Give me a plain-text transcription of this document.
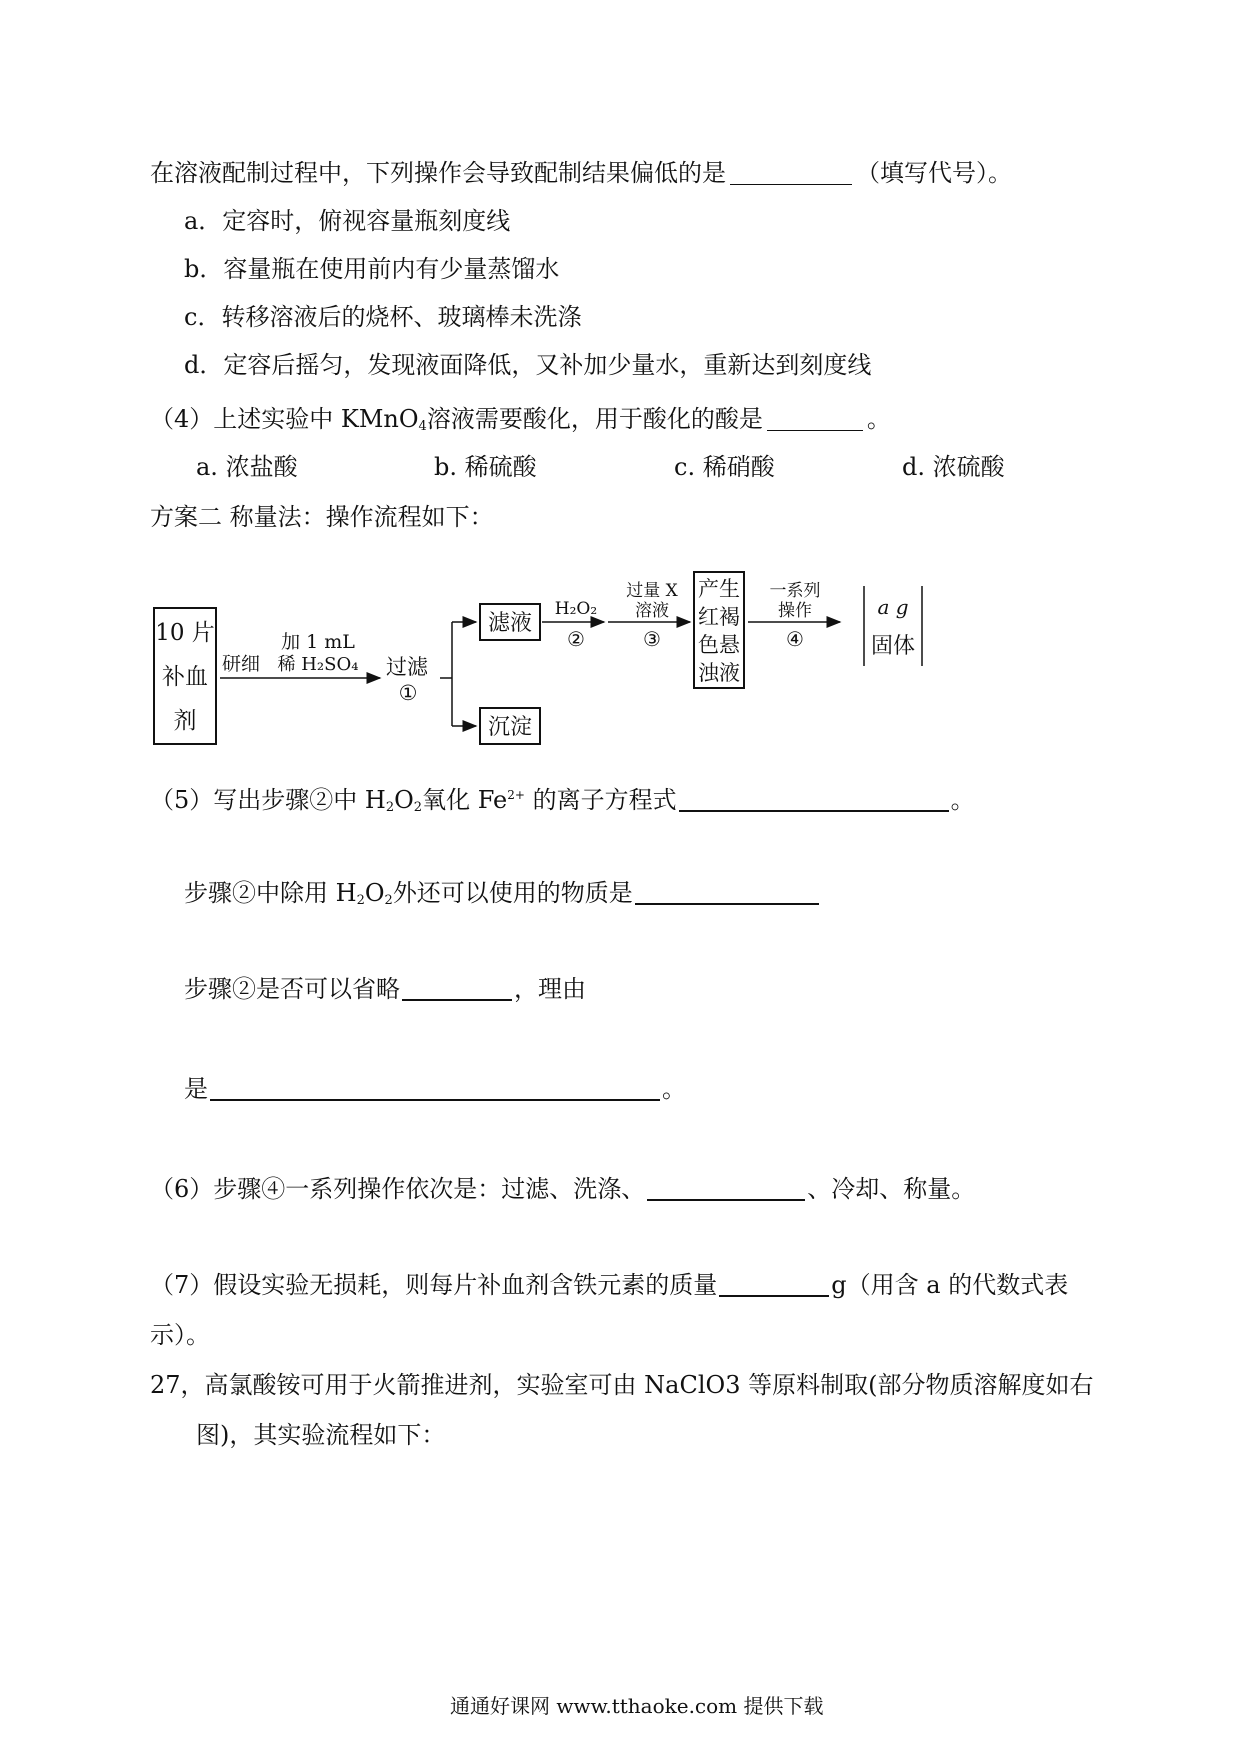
在溶液配制过程中，下列操作会导致配制结果偏低的是	（填写代号）。
a．定容时，俯视容量瓶刻度线
b．容量瓶在使用前内有少量蒸馏水
c．转移溶液后的烧杯、玻璃棒未洗涤
d．定容后摇匀，发现液面降低，又补加少量水，重新达到刻度线
（4）上述实验中 KMnO$_4$溶液需要酸化，用于酸化的酸是	。
a. 浓盐酸	b. 稀硫酸	c. 稀硝酸	d. 浓硫酸
方案二 称量法：操作流程如下：
10 片
补血
剂
研细
加 1 mL
稀 H₂SO₄ 过滤
①
滤液
沉淀
H₂O₂
②
过量 X
溶液
③
产生
红褐
色悬
浊液
一系列
操作
④
a g
固体
（5）写出步骤②中 $H_2O_2$氧化 $Fe^{2+}$ 的离子方程式	。
步骤②中除用 $H_2O_2$外还可以使用的物质是
步骤②是否可以省略	，理由
是	。
（6）步骤④一系列操作依次是：过滤、洗涤、	、冷却、称量。
（7）假设实验无损耗，则每片补血剂含铁元素的质量	g（用含 a 的代数式表
示）。
27，高氯酸铵可用于火箭推进剂，实验室可由 NaClO3 等原料制取(部分物质溶解度如右
图)，其实验流程如下：
通通好课网 www.tthaoke.com 提供下载
